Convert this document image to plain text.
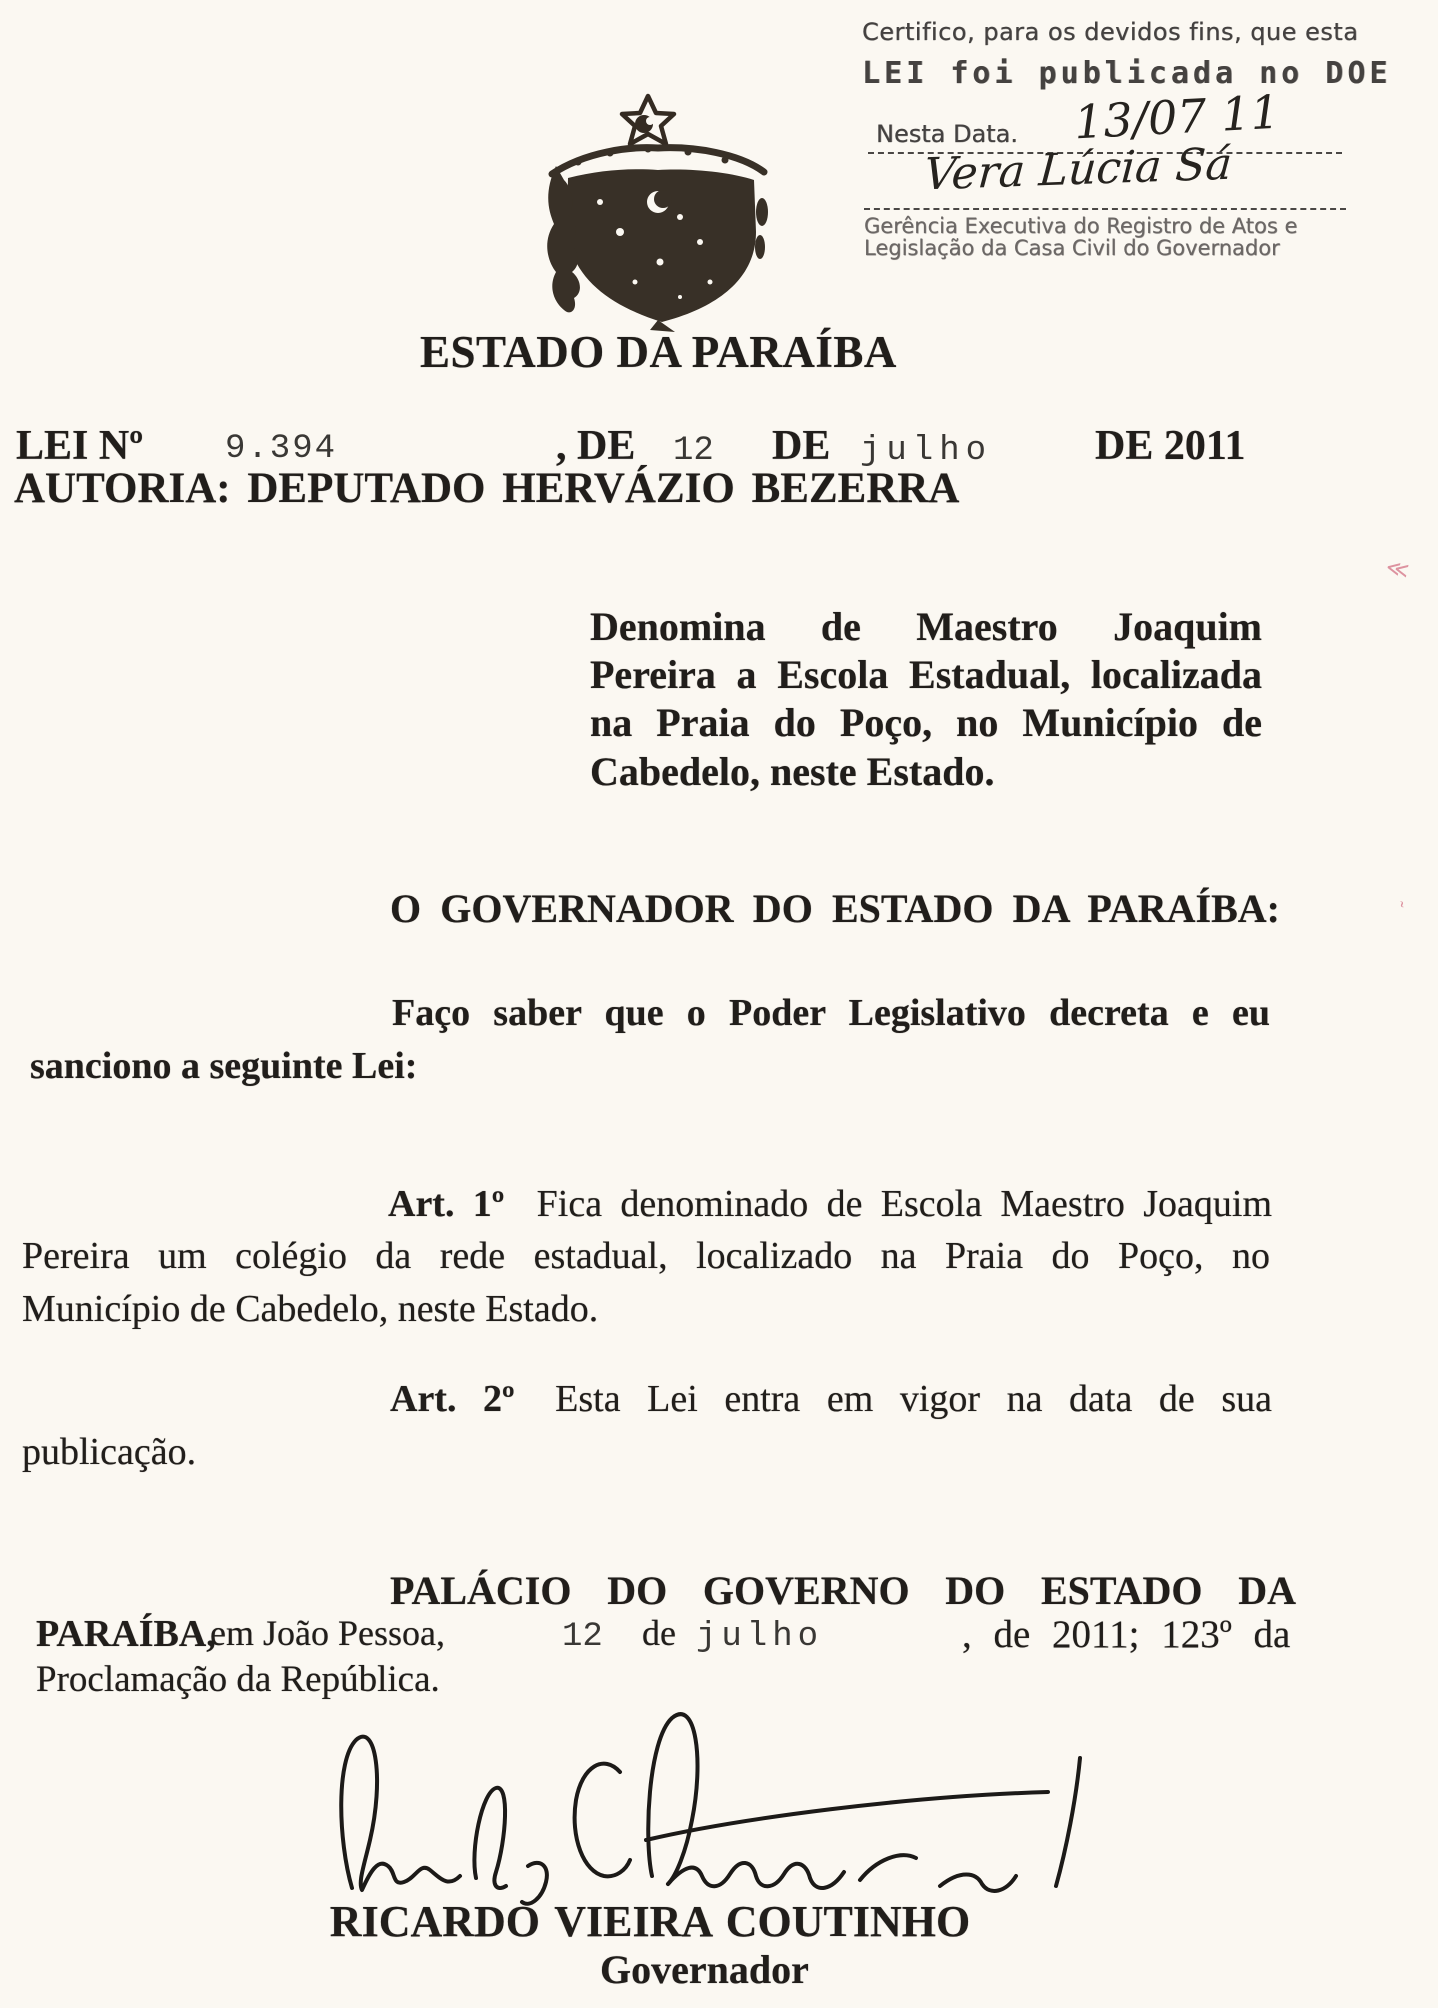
Certifico, para os devidos fins, que esta
LEI foi publicada no DOE
Nesta Data. 13/07 11
Vera Lúcia Sá
Gerência Executiva do Registro de Atos e
Legislação da Casa Civil do Governador
ESTADO DA PARAÍBA
LEI Nº 9.394	, DE 12 DE julho DE 2011
AUTORIA: DEPUTADO HERVÁZIO BEZERRA
Denomina de Maestro Joaquim
Pereira a Escola Estadual, localizada
na Praia do Poço, no Município de
Cabedelo, neste Estado.
O GOVERNADOR DO ESTADO DA PARAÍBA:
Faço saber que o Poder Legislativo decreta e eu
sanciono a seguinte Lei:
Art. 1º Fica denominado de Escola Maestro Joaquim
Pereira um colégio da rede estadual, localizado na Praia do Poço, no
Município de Cabedelo, neste Estado.
Art. 2º Esta Lei entra em vigor na data de sua
publicação.
PALÁCIO DO GOVERNO DO ESTADO DA
PARAÍBA,
em João Pessoa,	12 de julho	, de 2011; 123º da
Proclamação da República.
RICARDO VIEIRA COUTINHO
Governador
≪
˜
